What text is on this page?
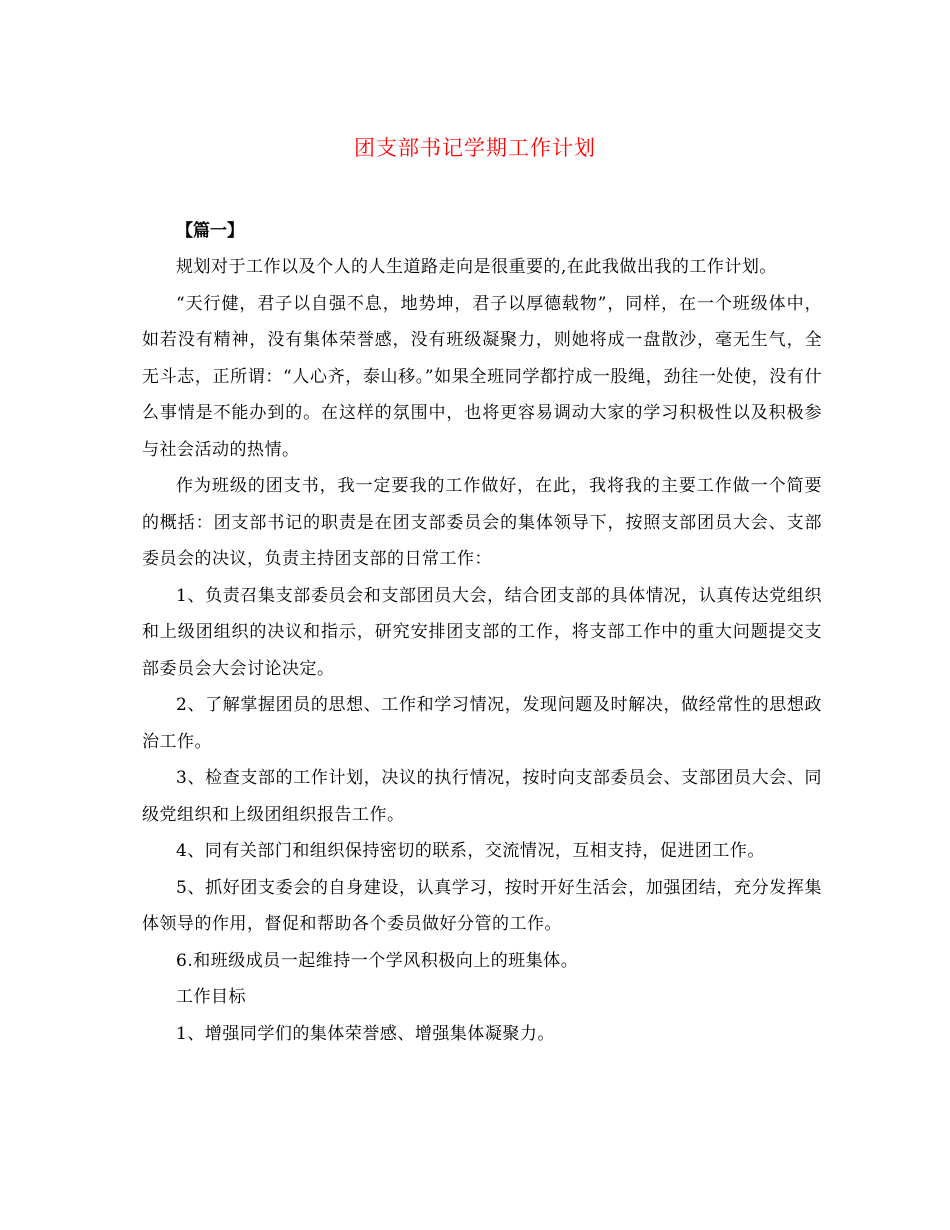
团支部书记学期工作计划

【篇一】

规划对于工作以及个人的人生道路走向是很重要的,在此我做出我的工作计划。

“天行健，君子以自强不息，地势坤，君子以厚德载物”，同样，在一个班级体中，如若没有精神，没有集体荣誉感，没有班级凝聚力，则她将成一盘散沙，毫无生气，全无斗志，正所谓：“人心齐，泰山移。”如果全班同学都拧成一股绳，劲往一处使，没有什么事情是不能办到的。在这样的氛围中，也将更容易调动大家的学习积极性以及积极参与社会活动的热情。

作为班级的团支书，我一定要我的工作做好，在此，我将我的主要工作做一个简要的概括：团支部书记的职责是在团支部委员会的集体领导下，按照支部团员大会、支部委员会的决议，负责主持团支部的日常工作：

1、负责召集支部委员会和支部团员大会，结合团支部的具体情况，认真传达党组织和上级团组织的决议和指示，研究安排团支部的工作，将支部工作中的重大问题提交支部委员会大会讨论决定。

2、了解掌握团员的思想、工作和学习情况，发现问题及时解决，做经常性的思想政治工作。

3、检查支部的工作计划，决议的执行情况，按时向支部委员会、支部团员大会、同级党组织和上级团组织报告工作。

4、同有关部门和组织保持密切的联系，交流情况，互相支持，促进团工作。

5、抓好团支委会的自身建设，认真学习，按时开好生活会，加强团结，充分发挥集体领导的作用，督促和帮助各个委员做好分管的工作。

6.和班级成员一起维持一个学风积极向上的班集体。

工作目标

1、增强同学们的集体荣誉感、增强集体凝聚力。
